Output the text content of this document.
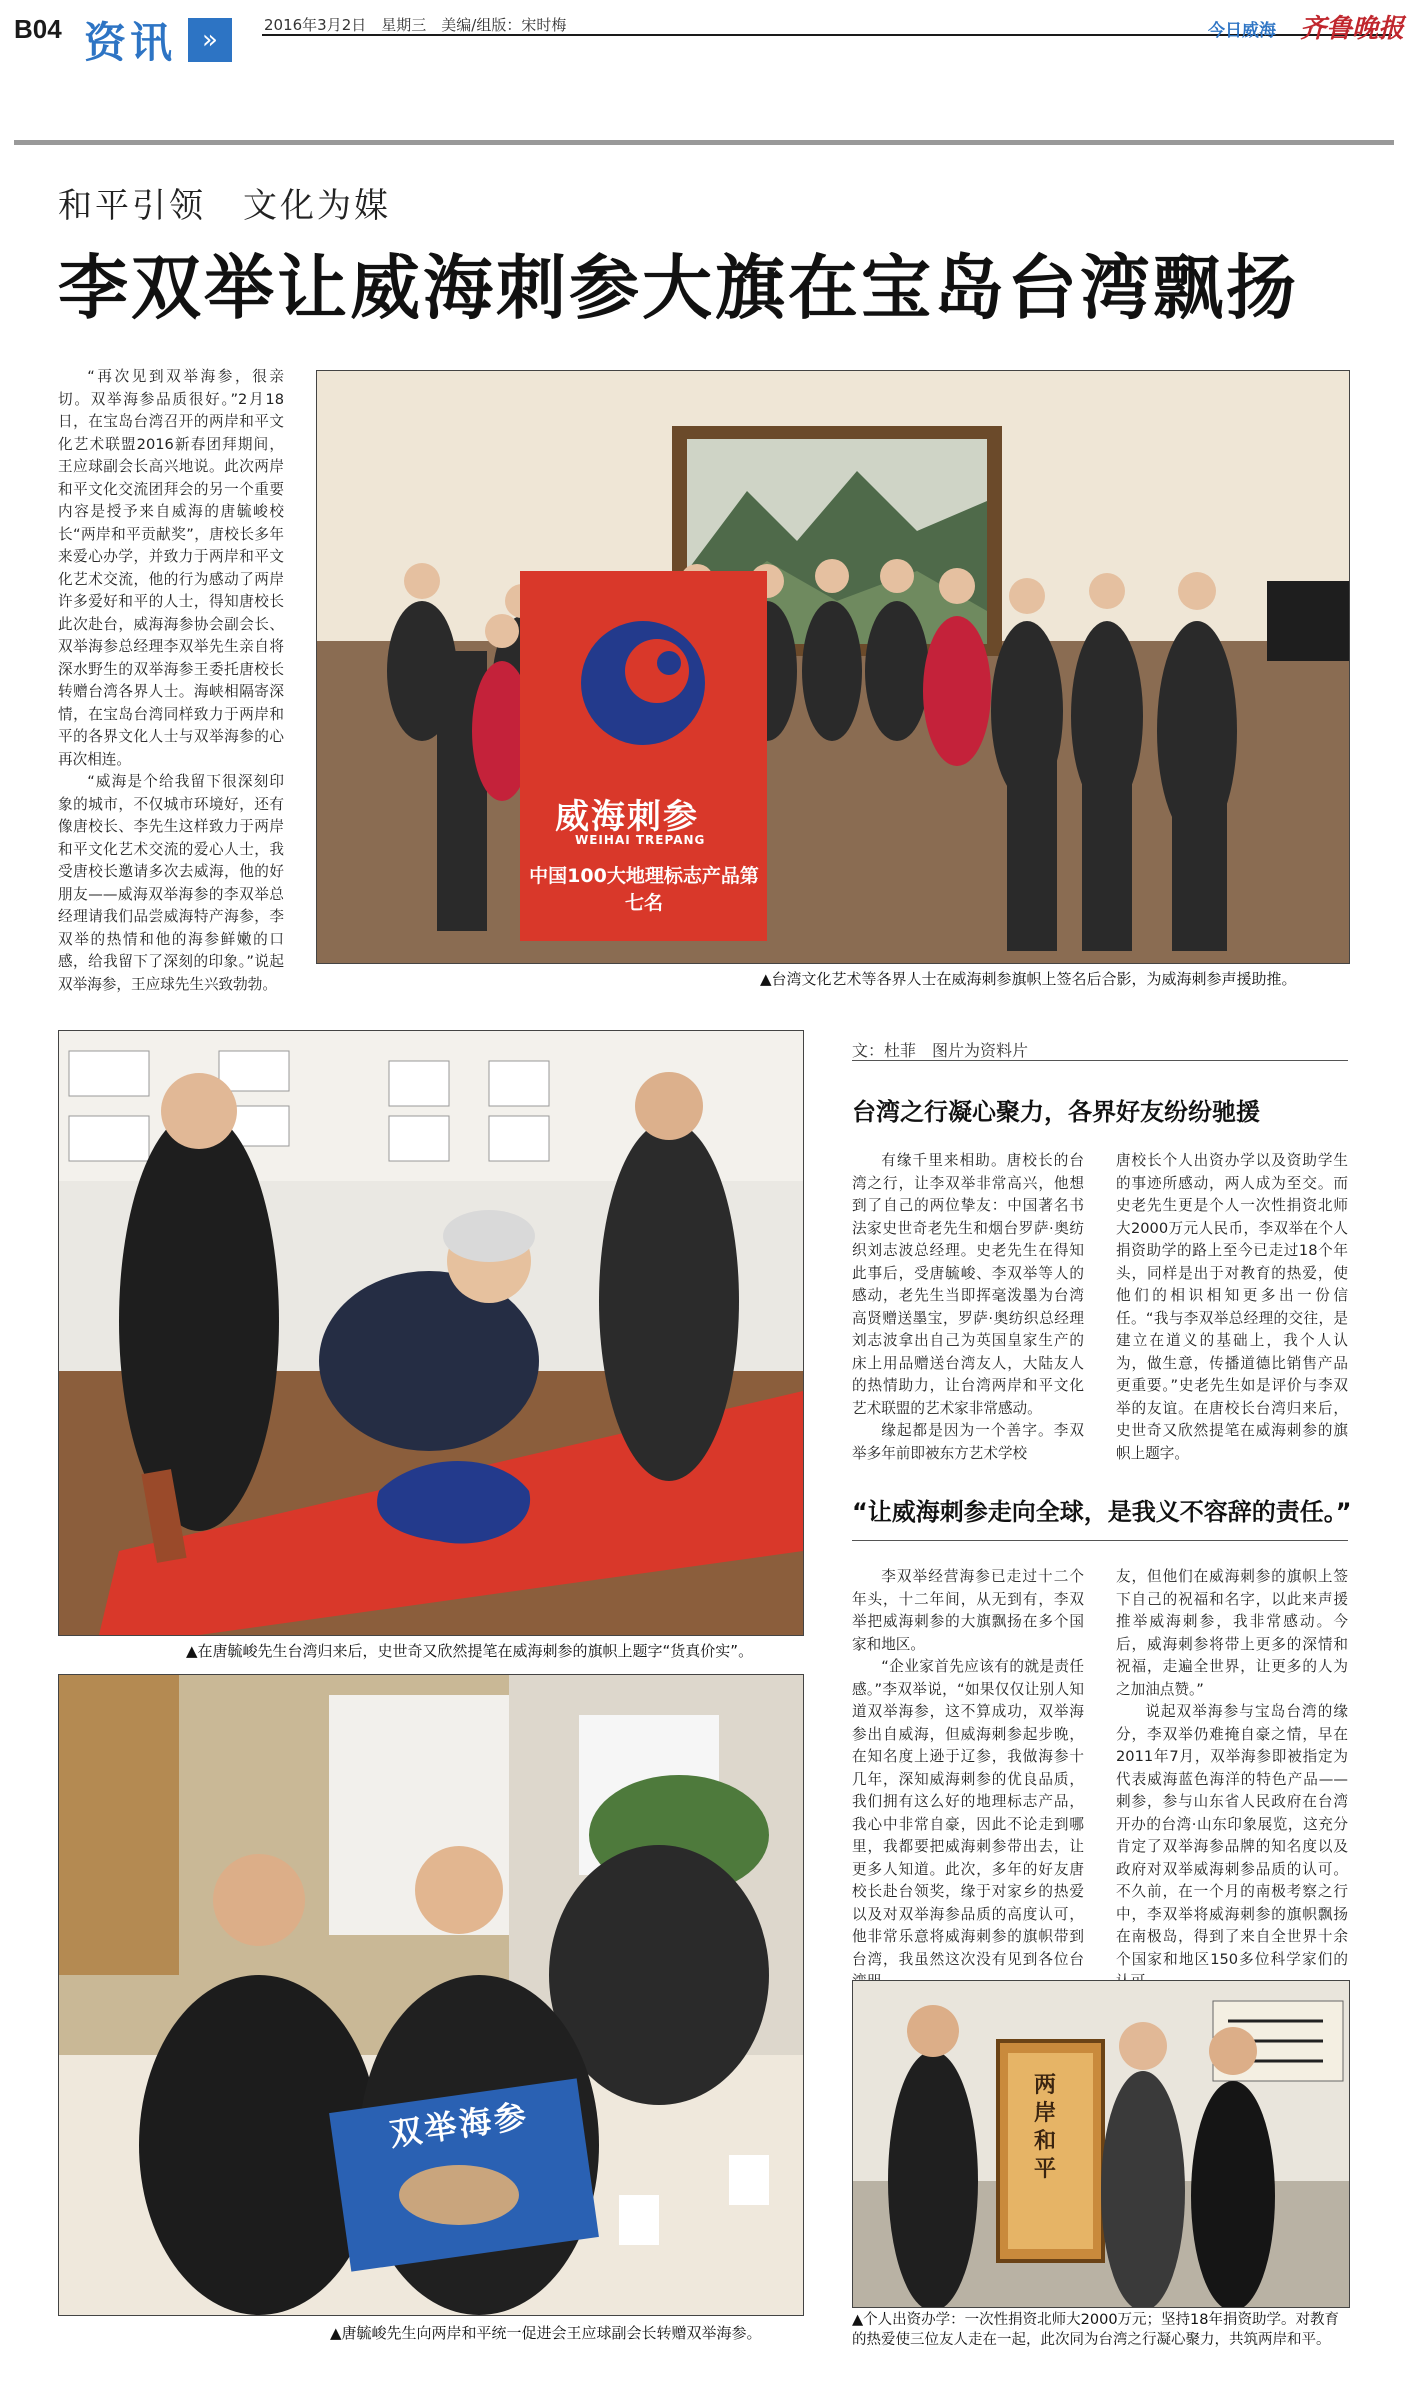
B04 资讯	»	2016年3月2日　星期三　美编/组版：宋时梅	今日威海 齐鲁晚报
和平引领　文化为媒
李双举让威海刺参大旗在宝岛台湾飘扬

“再次见到双举海参，很亲切。双举海参品质很好。”2月18日，在宝岛台湾召开的两岸和平文化艺术联盟2016新春团拜期间，王应球副会长高兴地说。此次两岸和平文化交流团拜会的另一个重要内容是授予来自威海的唐毓峻校长“两岸和平贡献奖”，唐校长多年来爱心办学，并致力于两岸和平文化艺术交流，他的行为感动了两岸许多爱好和平的人士，得知唐校长此次赴台，威海海参协会副会长、双举海参总经理李双举先生亲自将深水野生的双举海参王委托唐校长转赠台湾各界人士。海峡相隔寄深情，在宝岛台湾同样致力于两岸和平的各界文化人士与双举海参的心再次相连。

“威海是个给我留下很深刻印象的城市，不仅城市环境好，还有像唐校长、李先生这样致力于两岸和平文化艺术交流的爱心人士，我受唐校长邀请多次去威海，他的好朋友——威海双举海参的李双举总经理请我们品尝威海特产海参，李双举的热情和他的海参鲜嫩的口感，给我留下了深刻的印象。”说起双举海参，王应球先生兴致勃勃。

威海刺参
WEIHAI TREPANG
中国100大地理标志产品第七名
▲台湾文化艺术等各界人士在威海刺参旗帜上签名后合影，为威海刺参声援助推。
▲在唐毓峻先生台湾归来后，史世奇又欣然提笔在威海刺参的旗帜上题字“货真价实”。
双举海参
▲唐毓峻先生向两岸和平统一促进会王应球副会长转赠双举海参。
文：杜菲　图片为资料片
台湾之行凝心聚力，各界好友纷纷驰援

有缘千里来相助。唐校长的台湾之行，让李双举非常高兴，他想到了自己的两位挚友：中国著名书法家史世奇老先生和烟台罗萨·奥纺织刘志波总经理。史老先生在得知此事后，受唐毓峻、李双举等人的感动，老先生当即挥毫泼墨为台湾高贤赠送墨宝，罗萨·奥纺织总经理刘志波拿出自己为英国皇家生产的床上用品赠送台湾友人，大陆友人的热情助力，让台湾两岸和平文化艺术联盟的艺术家非常感动。

缘起都是因为一个善字。李双举多年前即被东方艺术学校

唐校长个人出资办学以及资助学生的事迹所感动，两人成为至交。而史老先生更是个人一次性捐资北师大2000万元人民币，李双举在个人捐资助学的路上至今已走过18个年头，同样是出于对教育的热爱，使他们的相识相知更多出一份信任。“我与李双举总经理的交往，是建立在道义的基础上，我个人认为，做生意，传播道德比销售产品更重要。”史老先生如是评价与李双举的友谊。在唐校长台湾归来后，史世奇又欣然提笔在威海刺参的旗帜上题字。

“让威海刺参走向全球，是我义不容辞的责任。”

李双举经营海参已走过十二个年头，十二年间，从无到有，李双举把威海刺参的大旗飘扬在多个国家和地区。

“企业家首先应该有的就是责任感。”李双举说，“如果仅仅让别人知道双举海参，这不算成功，双举海参出自威海，但威海刺参起步晚，在知名度上逊于辽参，我做海参十几年，深知威海刺参的优良品质，我们拥有这么好的地理标志产品，我心中非常自豪，因此不论走到哪里，我都要把威海刺参带出去，让更多人知道。此次，多年的好友唐校长赴台领奖，缘于对家乡的热爱以及对双举海参品质的高度认可，他非常乐意将威海刺参的旗帜带到台湾，我虽然这次没有见到各位台

友，但他们在威海刺参的旗帜上签下自己的祝福和名字，以此来声援推举威海刺参，我非常感动。今后，威海刺参将带上更多的深情和祝福，走遍全世界，让更多的人为之加油点赞。”

说起双举海参与宝岛台湾的缘分，李双举仍难掩自豪之情，早在2011年7月，双举海参即被指定为代表威海蓝色海洋的特色产品——刺参，参与山东省人民政府在台湾开办的台湾·山东印象展览，这充分肯定了双举海参品牌的知名度以及政府对双举威海刺参品质的认可。不久前，在一个月的南极考察之行中，李双举将威海刺参的旗帜飘扬在南极岛，得到了来自全世界十余个国家和地区150多位科学家们的

两岸和平
▲个人出资办学：一次性捐资北师大2000万元；坚持18年捐资助学。对教育的热爱使三位友人走在一起，此次同为台湾之行凝心聚力，共筑两岸和平。
